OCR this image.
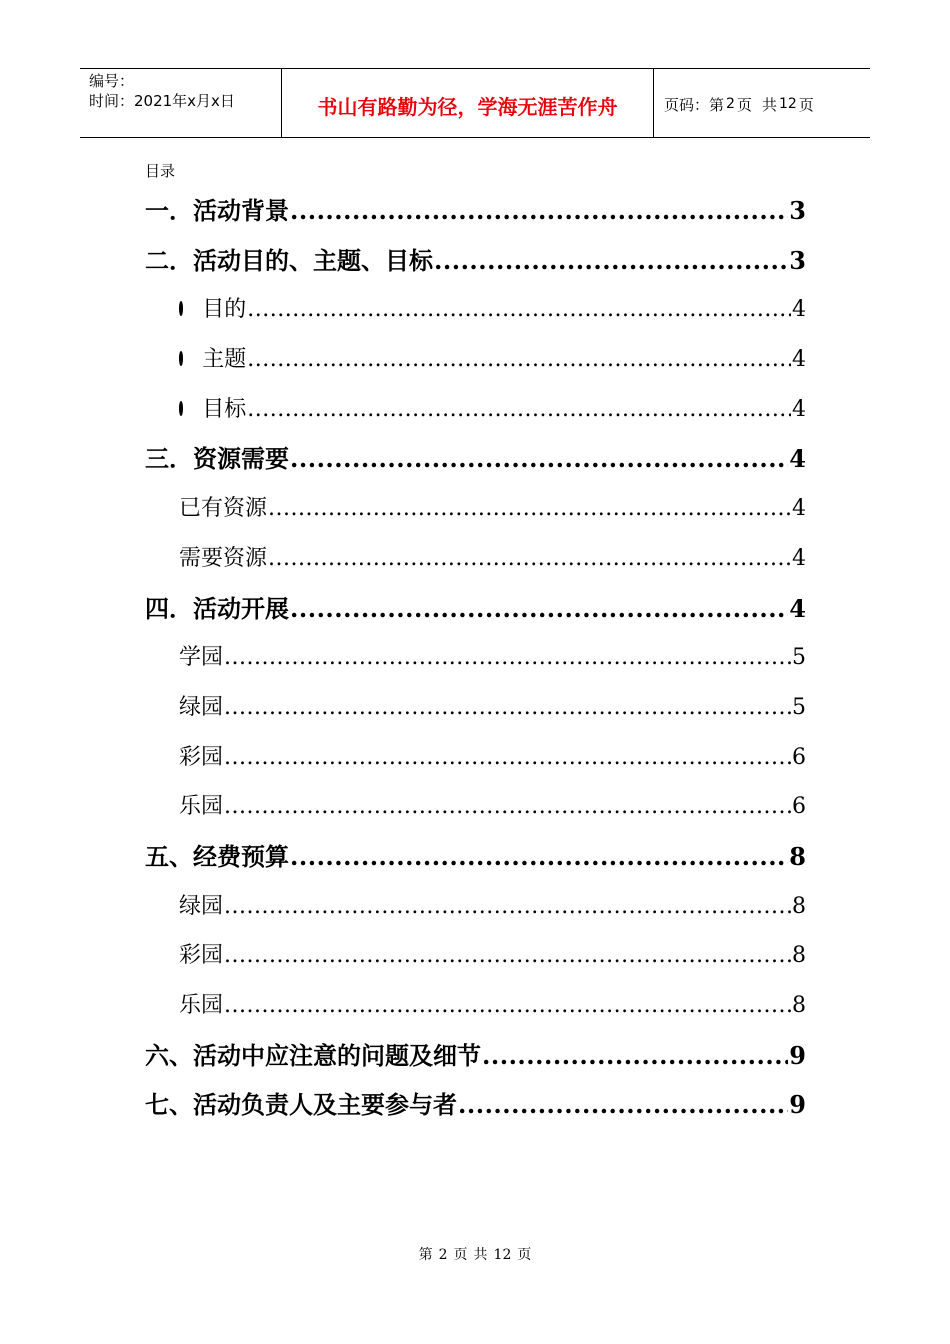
编号：
时间：2021年x月x日	书山有路勤为径，学海无涯苦作舟	页码：第 2 页 共 12 页
目录
一．活动背景 .....	3
二．活动目的、主题、目标 .....	3
目的 .....	4
主题 .....	4
目标 .....	4
三．资源需要 .....	4
已有资源 .....	4
需要资源 .....	4
四．活动开展 .....	4
学园 .....	5
绿园 .....	5
彩园 .....	6
乐园 .....	6
五、经费预算 .....	8
绿园 .....	8
彩园 .....	8
乐园 .....	8
六、活动中应注意的问题及细节 .....	9
七、活动负责人及主要参与者 .....	9
第 2 页 共 12 页
